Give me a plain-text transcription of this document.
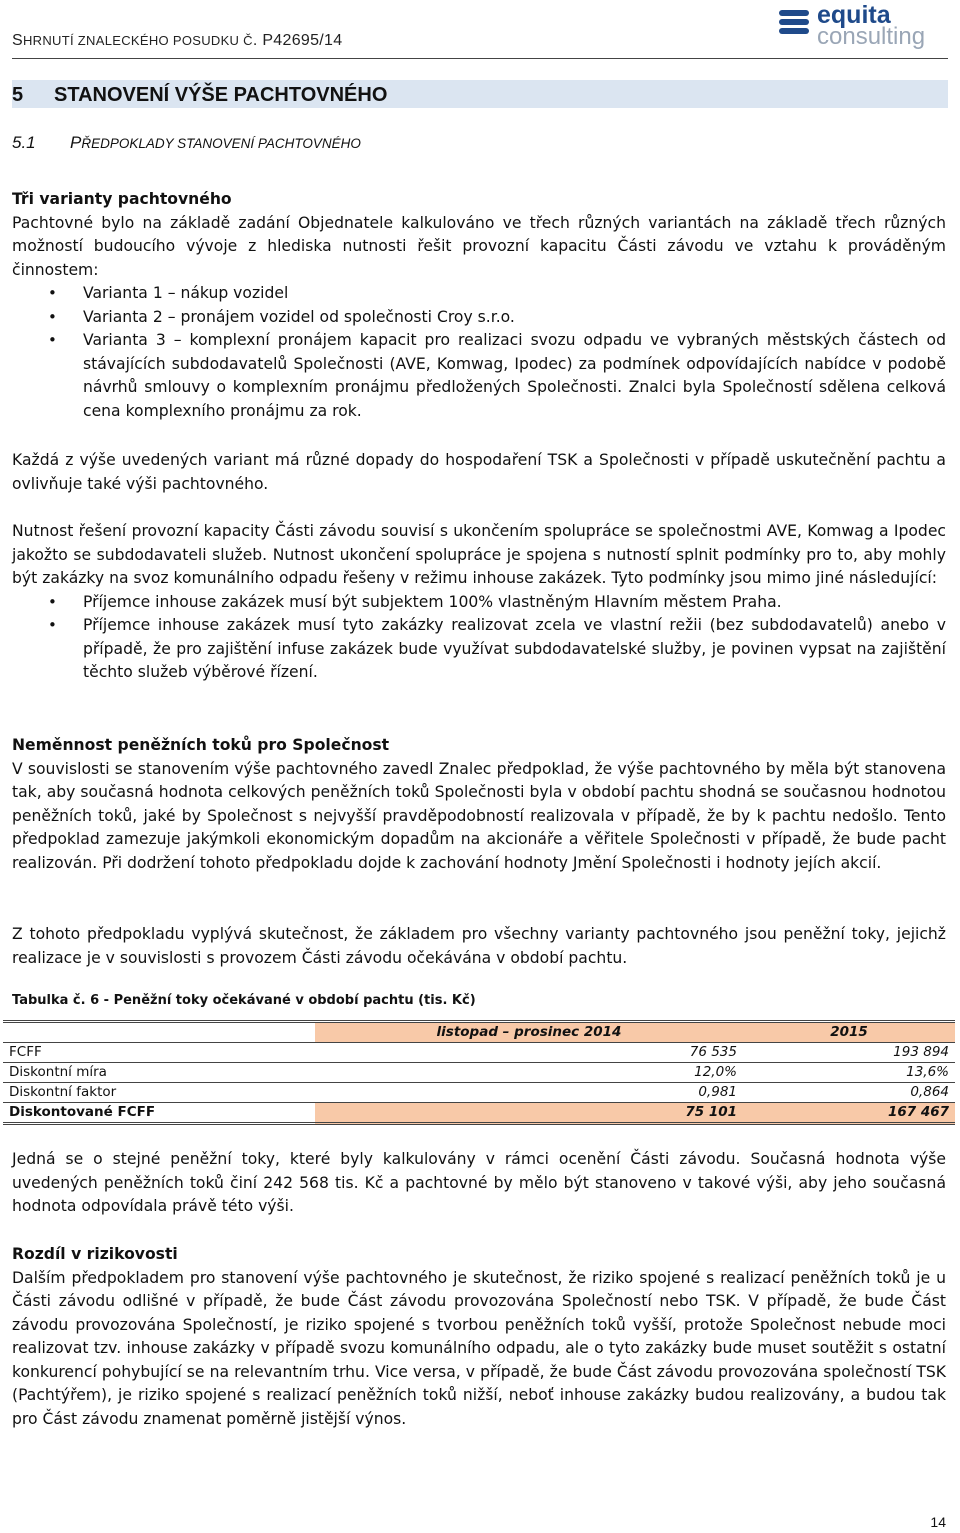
SHRNUTÍ ZNALECKÉHO POSUDKU Č. P42695/14
equita
consulting
5 STANOVENÍ VÝŠE PACHTOVNÉHO
5.1 PŘEDPOKLADY STANOVENÍ PACHTOVNÉHO
Tři varianty pachtovného
Pachtovné bylo na základě zadání Objednatele kalkulováno ve třech různých variantách na základě třech různých možností budoucího vývoje z hlediska nutnosti řešit provozní kapacitu Části závodu ve vztahu k prováděným činnostem:
• Varianta 1 – nákup vozidel
• Varianta 2 – pronájem vozidel od společnosti Croy s.r.o.
• Varianta 3 – komplexní pronájem kapacit pro realizaci svozu odpadu ve vybraných městských částech od stávajících subdodavatelů Společnosti (AVE, Komwag, Ipodec) za podmínek odpovídajících nabídce v podobě návrhů smlouvy o komplexním pronájmu předložených Společnosti. Znalci byla Společností sdělena celková cena komplexního pronájmu za rok.
Každá z výše uvedených variant má různé dopady do hospodaření TSK a Společnosti v případě uskutečnění pachtu a ovlivňuje také výši pachtovného.
Nutnost řešení provozní kapacity Části závodu souvisí s ukončením spolupráce se společnostmi AVE, Komwag a Ipodec jakožto se subdodavateli služeb. Nutnost ukončení spolupráce je spojena s nutností splnit podmínky pro to, aby mohly být zakázky na svoz komunálního odpadu řešeny v režimu inhouse zakázek. Tyto podmínky jsou mimo jiné následující:
• Příjemce inhouse zakázek musí být subjektem 100% vlastněným Hlavním městem Praha.
• Příjemce inhouse zakázek musí tyto zakázky realizovat zcela ve vlastní režii (bez subdodavatelů) anebo v případě, že pro zajištění infuse zakázek bude využívat subdodavatelské služby, je povinen vypsat na zajištění těchto služeb výběrové řízení.
Neměnnost peněžních toků pro Společnost
V souvislosti se stanovením výše pachtovného zavedl Znalec předpoklad, že výše pachtovného by měla být stanovena tak, aby současná hodnota celkových peněžních toků Společnosti byla v období pachtu shodná se současnou hodnotou peněžních toků, jaké by Společnost s nejvyšší pravděpodobností realizovala v případě, že by k pachtu nedošlo. Tento předpoklad zamezuje jakýmkoli ekonomickým dopadům na akcionáře a věřitele Společnosti v případě, že bude pacht realizován. Při dodržení tohoto předpokladu dojde k zachování hodnoty Jmění Společnosti i hodnoty jejích akcií.
Z tohoto předpokladu vyplývá skutečnost, že základem pro všechny varianty pachtovného jsou peněžní toky, jejichž realizace je v souvislosti s provozem Části závodu očekávána v období pachtu.
Tabulka č. 6 - Peněžní toky očekávané v období pachtu (tis. Kč)
	listopad – prosinec 2014	2015
FCFF	76 535	193 894
Diskontní míra	12,0%	13,6%
Diskontní faktor	0,981	0,864
Diskontované FCFF	75 101	167 467
Jedná se o stejné peněžní toky, které byly kalkulovány v rámci ocenění Části závodu. Současná hodnota výše uvedených peněžních toků činí 242 568 tis. Kč a pachtovné by mělo být stanoveno v takové výši, aby jeho současná hodnota odpovídala právě této výši.
Rozdíl v rizikovosti
Dalším předpokladem pro stanovení výše pachtovného je skutečnost, že riziko spojené s realizací peněžních toků je u Části závodu odlišné v případě, že bude Část závodu provozována Společností nebo TSK. V případě, že bude Část závodu provozována Společností, je riziko spojené s tvorbou peněžních toků vyšší, protože Společnost nebude moci realizovat tzv. inhouse zakázky v případě svozu komunálního odpadu, ale o tyto zakázky bude muset soutěžit s ostatní konkurencí pohybující se na relevantním trhu. Vice versa, v případě, že bude Část závodu provozována společností TSK (Pachtýřem), je riziko spojené s realizací peněžních toků nižší, neboť inhouse zakázky budou realizovány, a budou tak pro Část závodu znamenat poměrně jistější výnos.
14
